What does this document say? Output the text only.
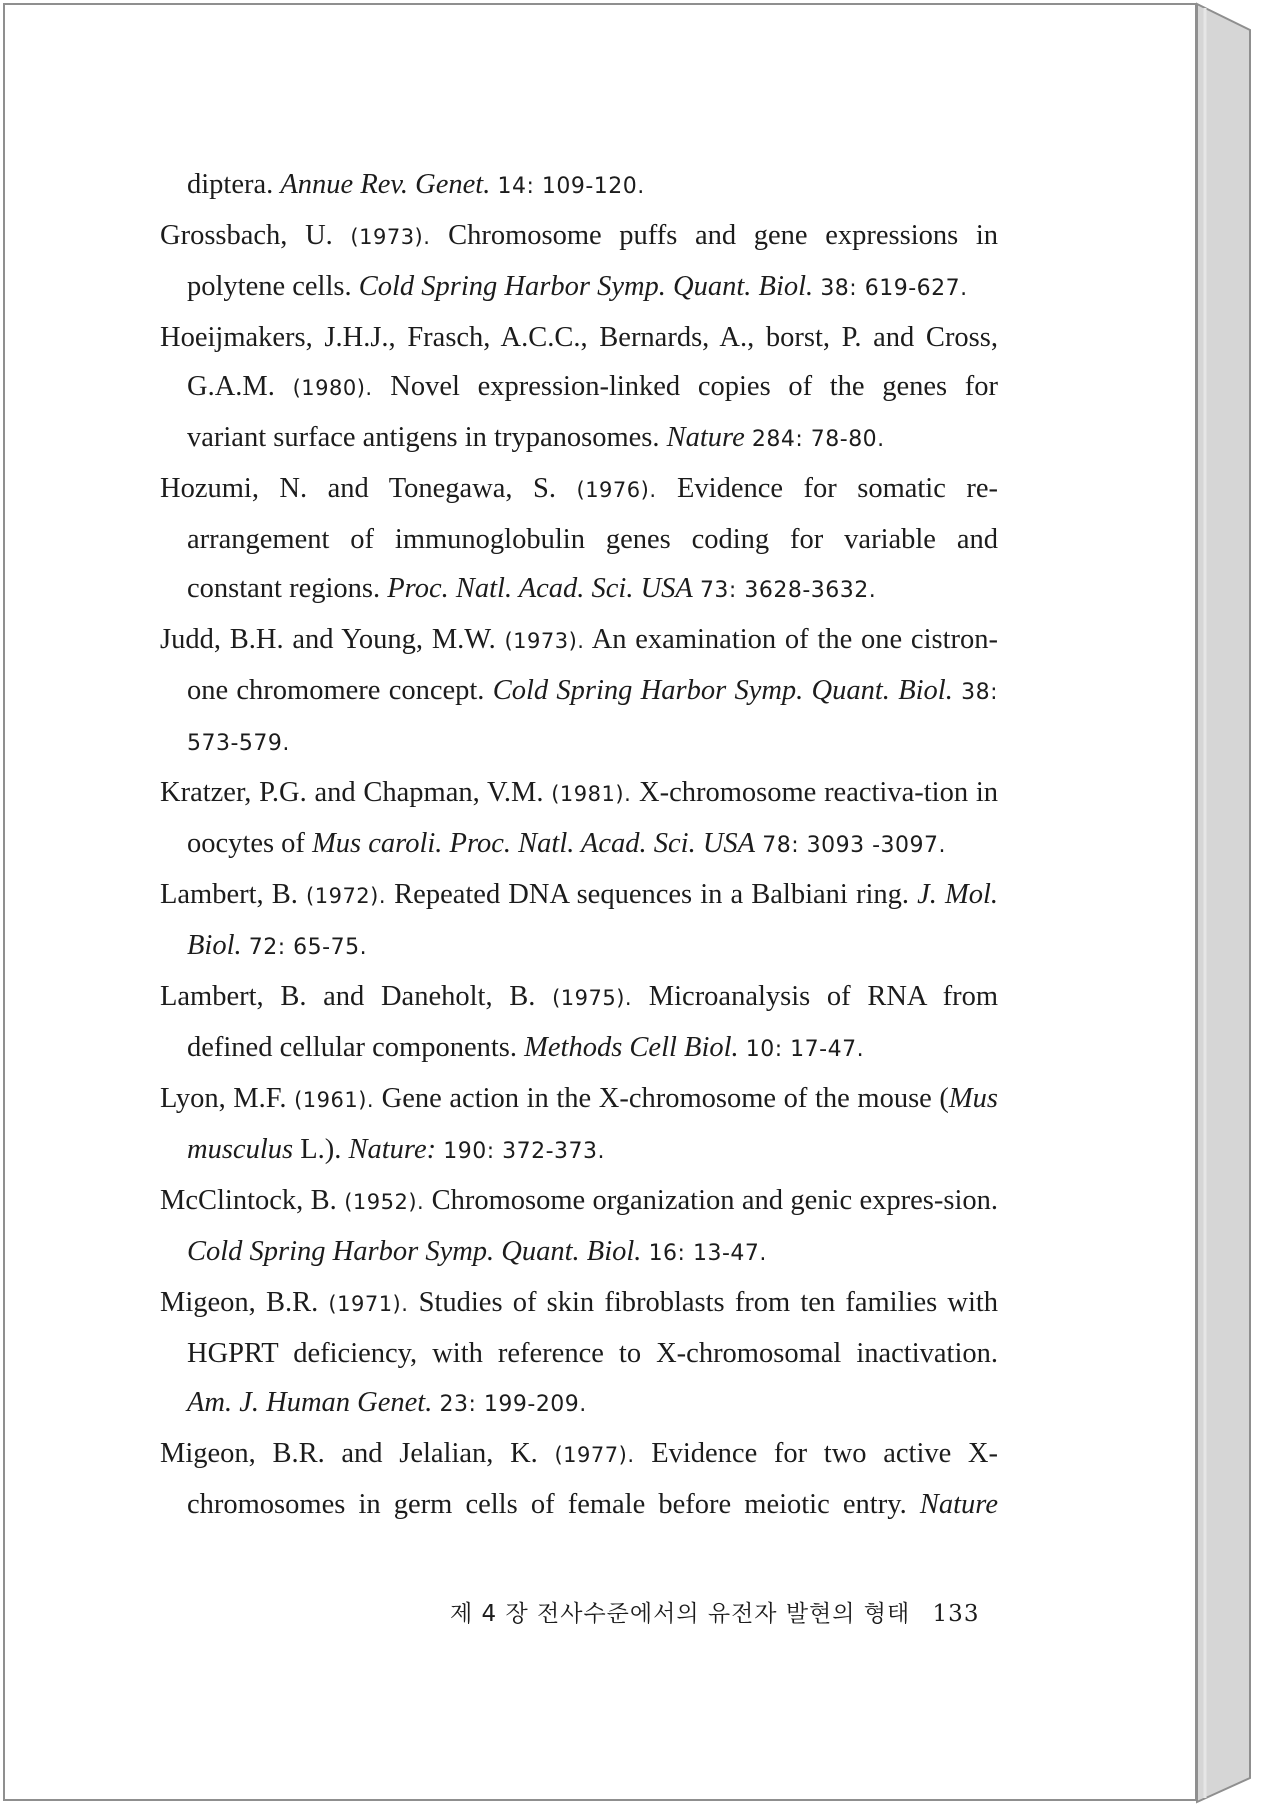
diptera. Annue Rev. Genet. 14: 109-120.

Grossbach, U. (1973). Chromosome puffs and gene expressions in polytene cells. Cold Spring Harbor Symp. Quant. Biol. 38: 619-627.

Hoeijmakers, J.H.J., Frasch, A.C.C., Bernards, A., borst, P. and Cross, G.A.M. (1980). Novel expression-linked copies of the genes for variant surface antigens in trypanosomes. Nature 284: 78-80.

Hozumi, N. and Tonegawa, S. (1976). Evidence for somatic re-arrangement of immunoglobulin genes coding for variable and constant regions. Proc. Natl. Acad. Sci. USA 73: 3628-3632.

Judd, B.H. and Young, M.W. (1973). An examination of the one cistron-one chromomere concept. Cold Spring Harbor Symp. Quant. Biol. 38: 573-579.

Kratzer, P.G. and Chapman, V.M. (1981). X-chromosome reactiva-tion in oocytes of Mus caroli. Proc. Natl. Acad. Sci. USA 78: 3093 -3097.

Lambert, B. (1972). Repeated DNA sequences in a Balbiani ring. J. Mol. Biol. 72: 65-75.

Lambert, B. and Daneholt, B. (1975). Microanalysis of RNA from defined cellular components. Methods Cell Biol. 10: 17-47.

Lyon, M.F. (1961). Gene action in the X-chromosome of the mouse (Mus musculus L.). Nature: 190: 372-373.

McClintock, B. (1952). Chromosome organization and genic expres-sion. Cold Spring Harbor Symp. Quant. Biol. 16: 13-47.

Migeon, B.R. (1971). Studies of skin fibroblasts from ten families with HGPRT deficiency, with reference to X-chromosomal inactivation. Am. J. Human Genet. 23: 199-209.

Migeon, B.R. and Jelalian, K. (1977). Evidence for two active X-chromosomes in germ cells of female before meiotic entry. Nature

제 4 장 전사수준에서의 유전자 발현의 형태 133
